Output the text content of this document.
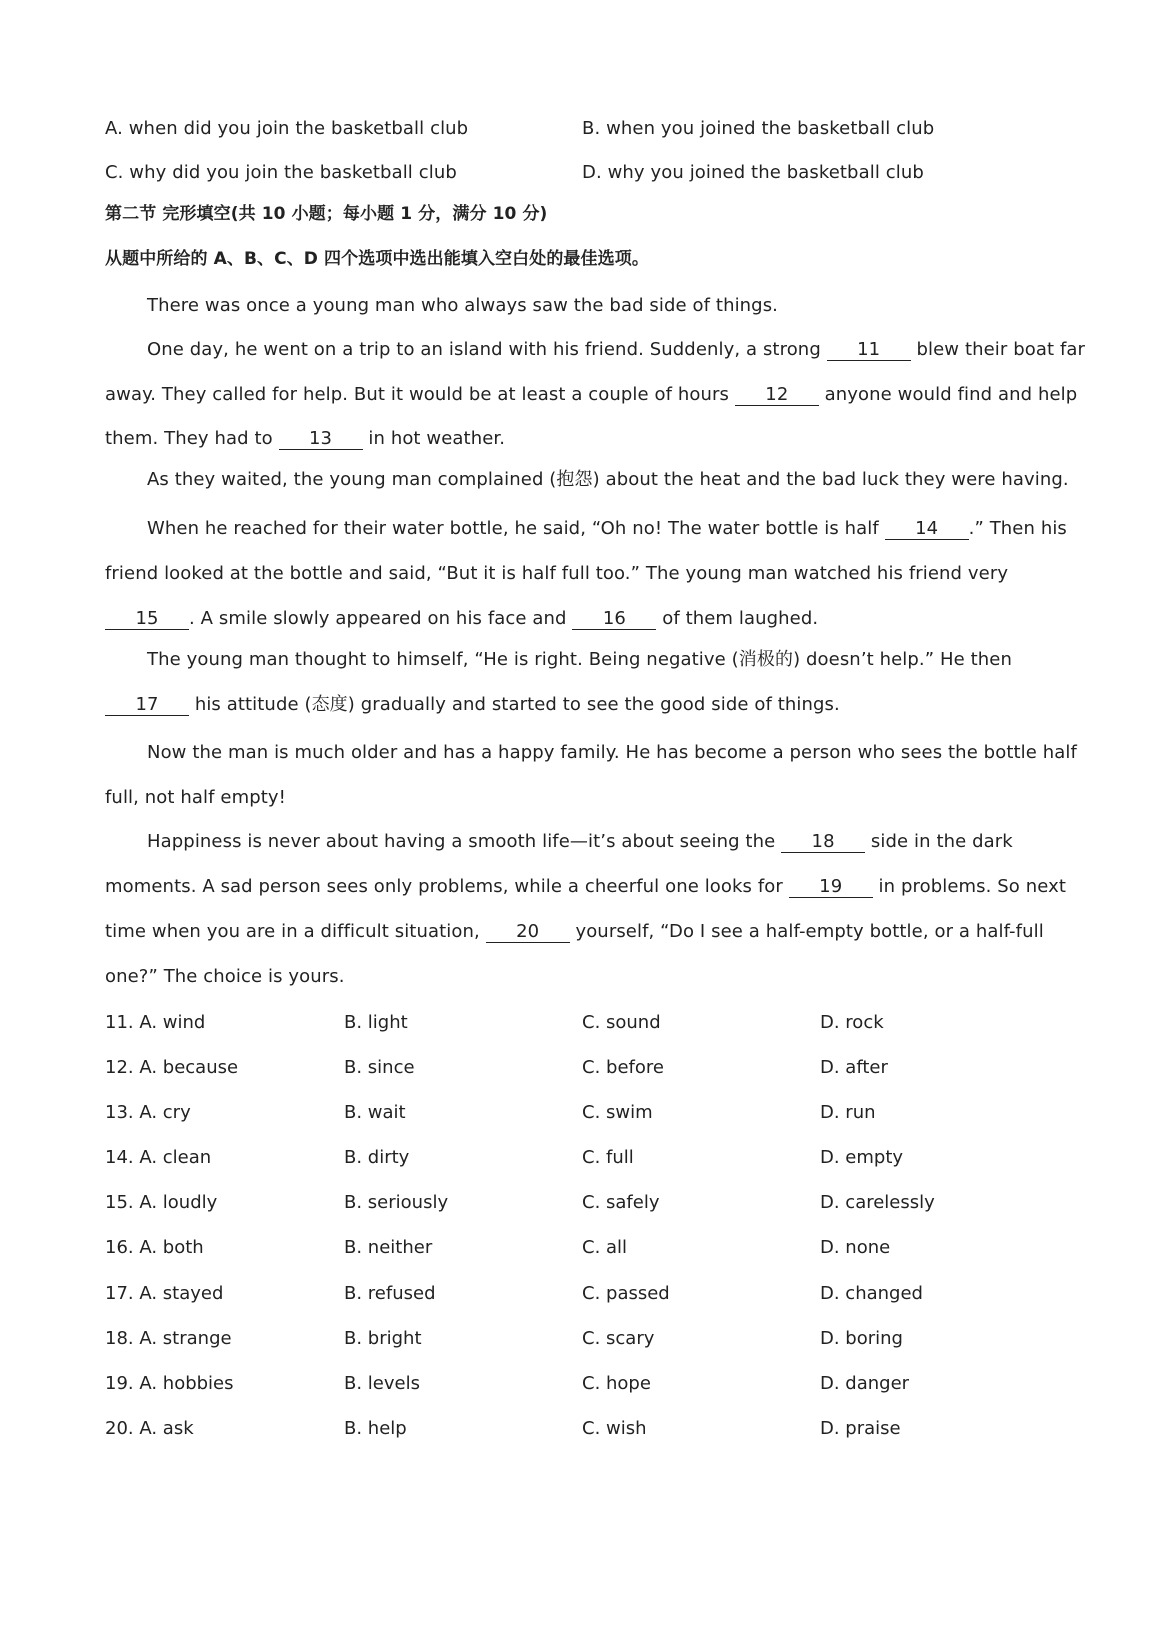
A. when did you join the basketball club	B. when you joined the basketball club
C. why did you join the basketball club	D. why you joined the basketball club
第二节 完形填空(共 10 小题；每小题 1 分，满分 10 分)
从题中所给的 A、B、C、D 四个选项中选出能填入空白处的最佳选项。
There was once a young man who always saw the bad side of things.
One day, he went on a trip to an island with his friend. Suddenly, a strong 11 blew their boat far
away. They called for help. But it would be at least a couple of hours 12 anyone would find and help
them. They had to 13 in hot weather.
As they waited, the young man complained (抱怨) about the heat and the bad luck they were having.
When he reached for their water bottle, he said, “Oh no! The water bottle is half 14 .” Then his
friend looked at the bottle and said, “But it is half full too.” The young man watched his friend very
15 . A smile slowly appeared on his face and 16 of them laughed.
The young man thought to himself, “He is right. Being negative (消极的) doesn’t help.” He then
17 his attitude (态度) gradually and started to see the good side of things.
Now the man is much older and has a happy family. He has become a person who sees the bottle half
full, not half empty!
Happiness is never about having a smooth life—it’s about seeing the 18 side in the dark
moments. A sad person sees only problems, while a cheerful one looks for 19 in problems. So next
time when you are in a difficult situation, 20 yourself, “Do I see a half-empty bottle, or a half-full
one?” The choice is yours.
11. A. wind	B. light	C. sound	D. rock
12. A. because	B. since	C. before	D. after
13. A. cry	B. wait	C. swim	D. run
14. A. clean	B. dirty	C. full	D. empty
15. A. loudly	B. seriously	C. safely	D. carelessly
16. A. both	B. neither	C. all	D. none
17. A. stayed	B. refused	C. passed	D. changed
18. A. strange	B. bright	C. scary	D. boring
19. A. hobbies	B. levels	C. hope	D. danger
20. A. ask	B. help	C. wish	D. praise
